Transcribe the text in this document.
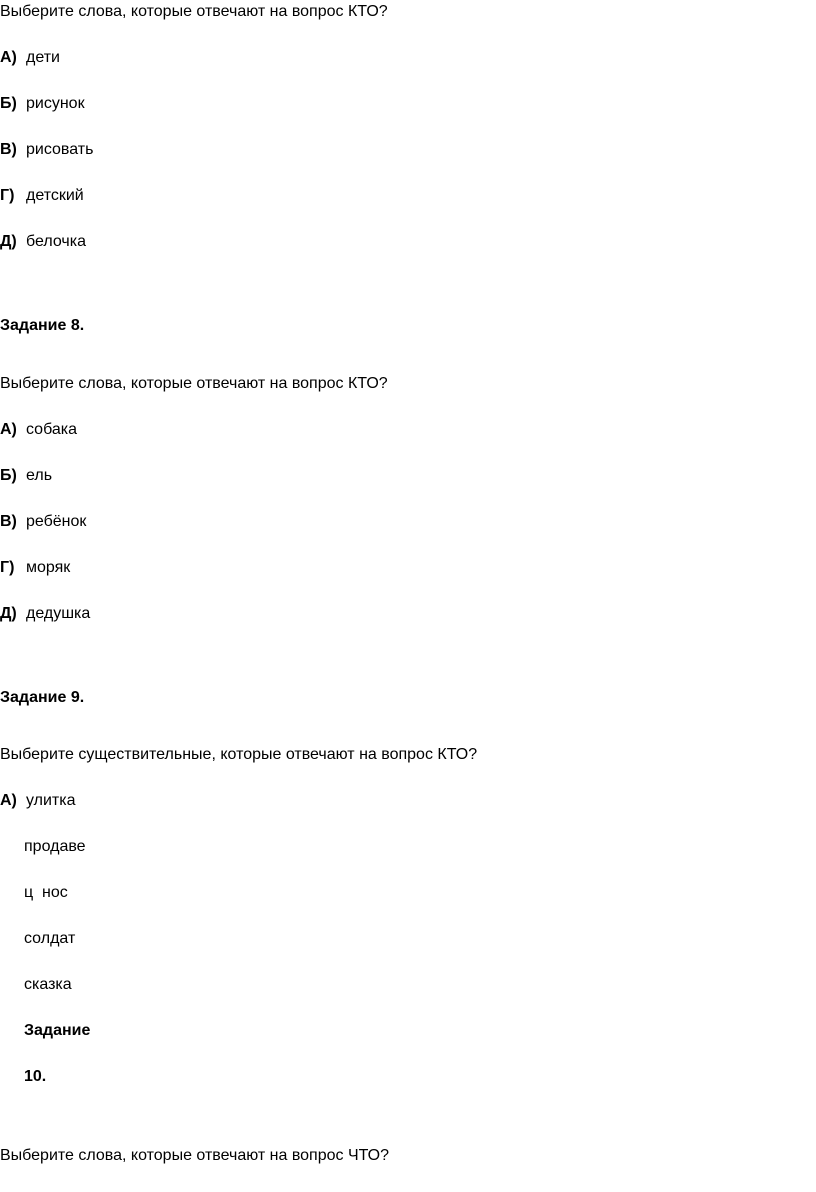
Выберите слова, которые отвечают на вопрос КТО?
А) дети
Б) рисунок
В) рисовать
Г) детский
Д) белочка
Задание 8.
Выберите слова, которые отвечают на вопрос КТО?
А) собака
Б) ель
В) ребёнок
Г) моряк
Д) дедушка
Задание 9.
Выберите существительные, которые отвечают на вопрос КТО?
А) улитка
продаве
ц  нос
солдат
сказка
Задание
10.
Выберите слова, которые отвечают на вопрос ЧТО?
